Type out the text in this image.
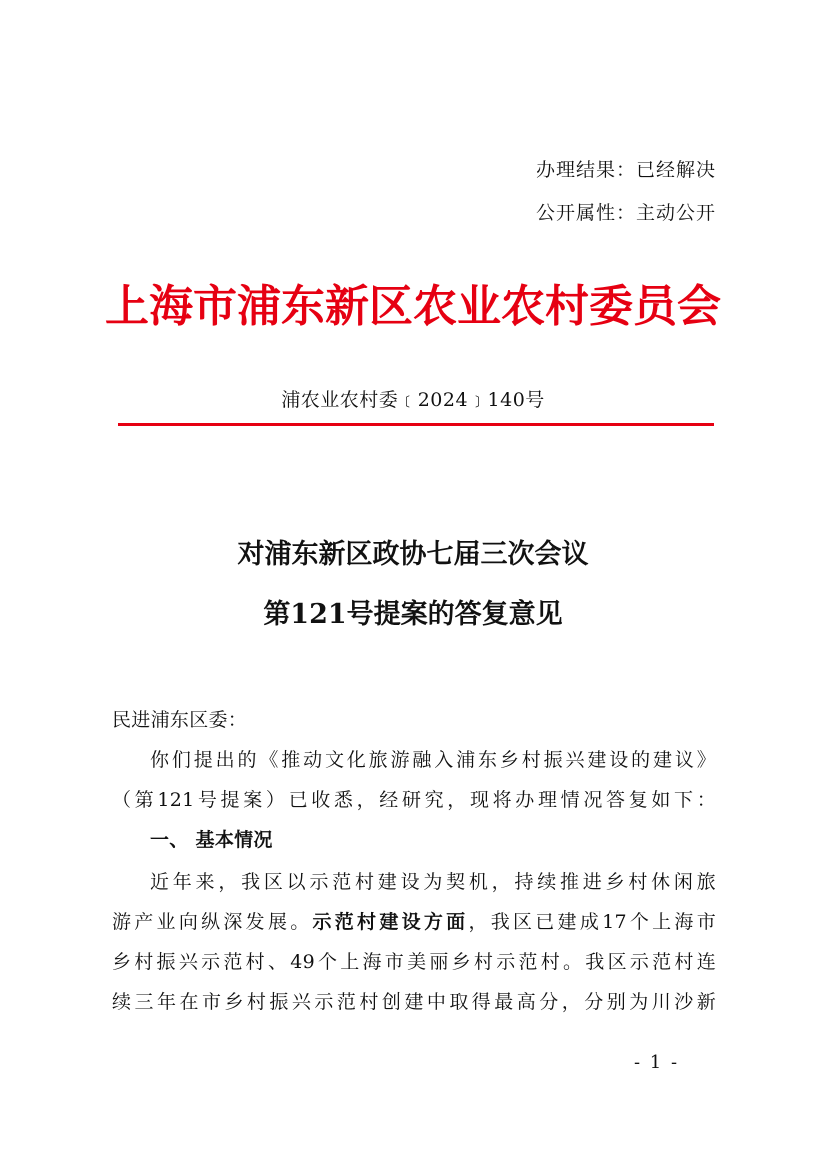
办理结果：已经解决
公开属性：主动公开
上海市浦东新区农业农村委员会
浦农业农村委﹝2024﹞140号
对浦东新区政协七届三次会议
第121号提案的答复意见
民进浦东区委：
你们提出的《推动文化旅游融入浦东乡村振兴建设的建议》
（第121号提案）已收悉，经研究，现将办理情况答复如下：
一、 基本情况
近年来，我区以示范村建设为契机，持续推进乡村休闲旅
游产业向纵深发展。示范村建设方面，我区已建成17个上海市
乡村振兴示范村、49个上海市美丽乡村示范村。我区示范村连
续三年在市乡村振兴示范村创建中取得最高分，分别为川沙新
- 1 -
